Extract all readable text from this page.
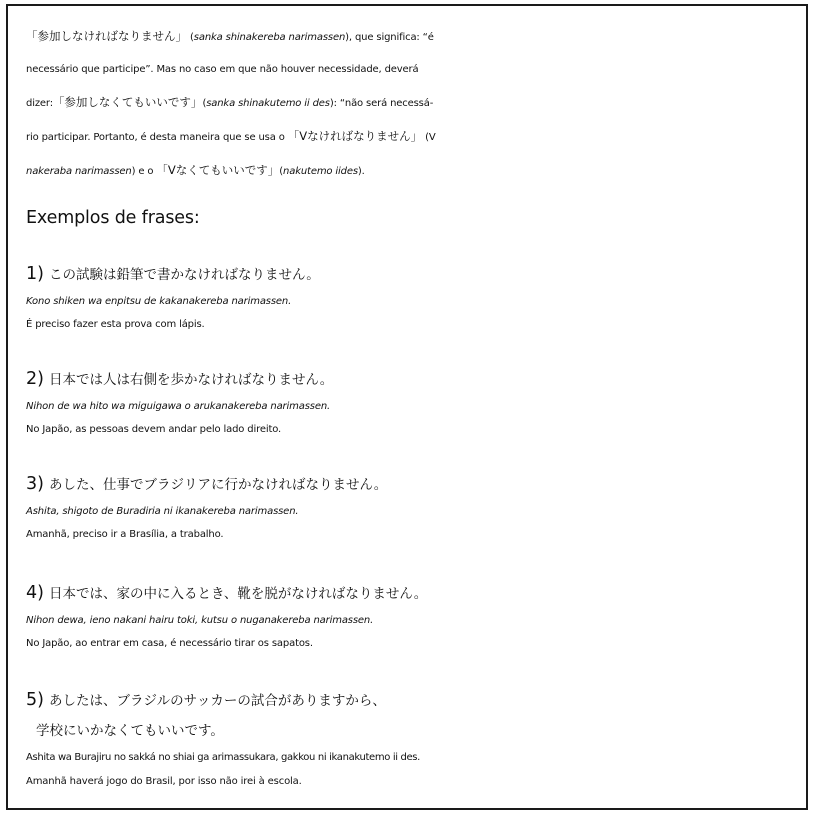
「参加しなければなりません」 (sanka shinakereba narimassen), que significa: “é

necessário que participe”. Mas no caso em que não houver necessidade, deverá

dizer:「参加しなくてもいいです」(sanka shinakutemo ii des): “não será necessá-

rio participar. Portanto, é desta maneira que se usa o 「Vなければなりません」 (V

nakeraba narimassen) e o 「Vなくてもいいです」(nakutemo iides).

Exemplos de frases:
1) この試験は鉛筆で書かなければなりません。
Kono shiken wa enpitsu de kakanakereba narimassen.
É preciso fazer esta prova com lápis.
2) 日本では人は右側を歩かなければなりません。
Nihon de wa hito wa miguigawa o arukanakereba narimassen.
No Japão, as pessoas devem andar pelo lado direito.
3) あした、仕事でブラジリアに行かなければなりません。
Ashita, shigoto de Buradiria ni ikanakereba narimassen.
Amanhã, preciso ir a Brasília, a trabalho.
4) 日本では、家の中に入るとき、靴を脱がなければなりません。
Nihon dewa, ieno nakani hairu toki, kutsu o nuganakereba narimassen.
No Japão, ao entrar em casa, é necessário tirar os sapatos.
5) あしたは、ブラジルのサッカーの試合がありますから、
学校にいかなくてもいいです。
Ashita wa Burajiru no sakká no shiai ga arimassukara, gakkou ni ikanakutemo ii des.
Amanhã haverá jogo do Brasil, por isso não irei à escola.
